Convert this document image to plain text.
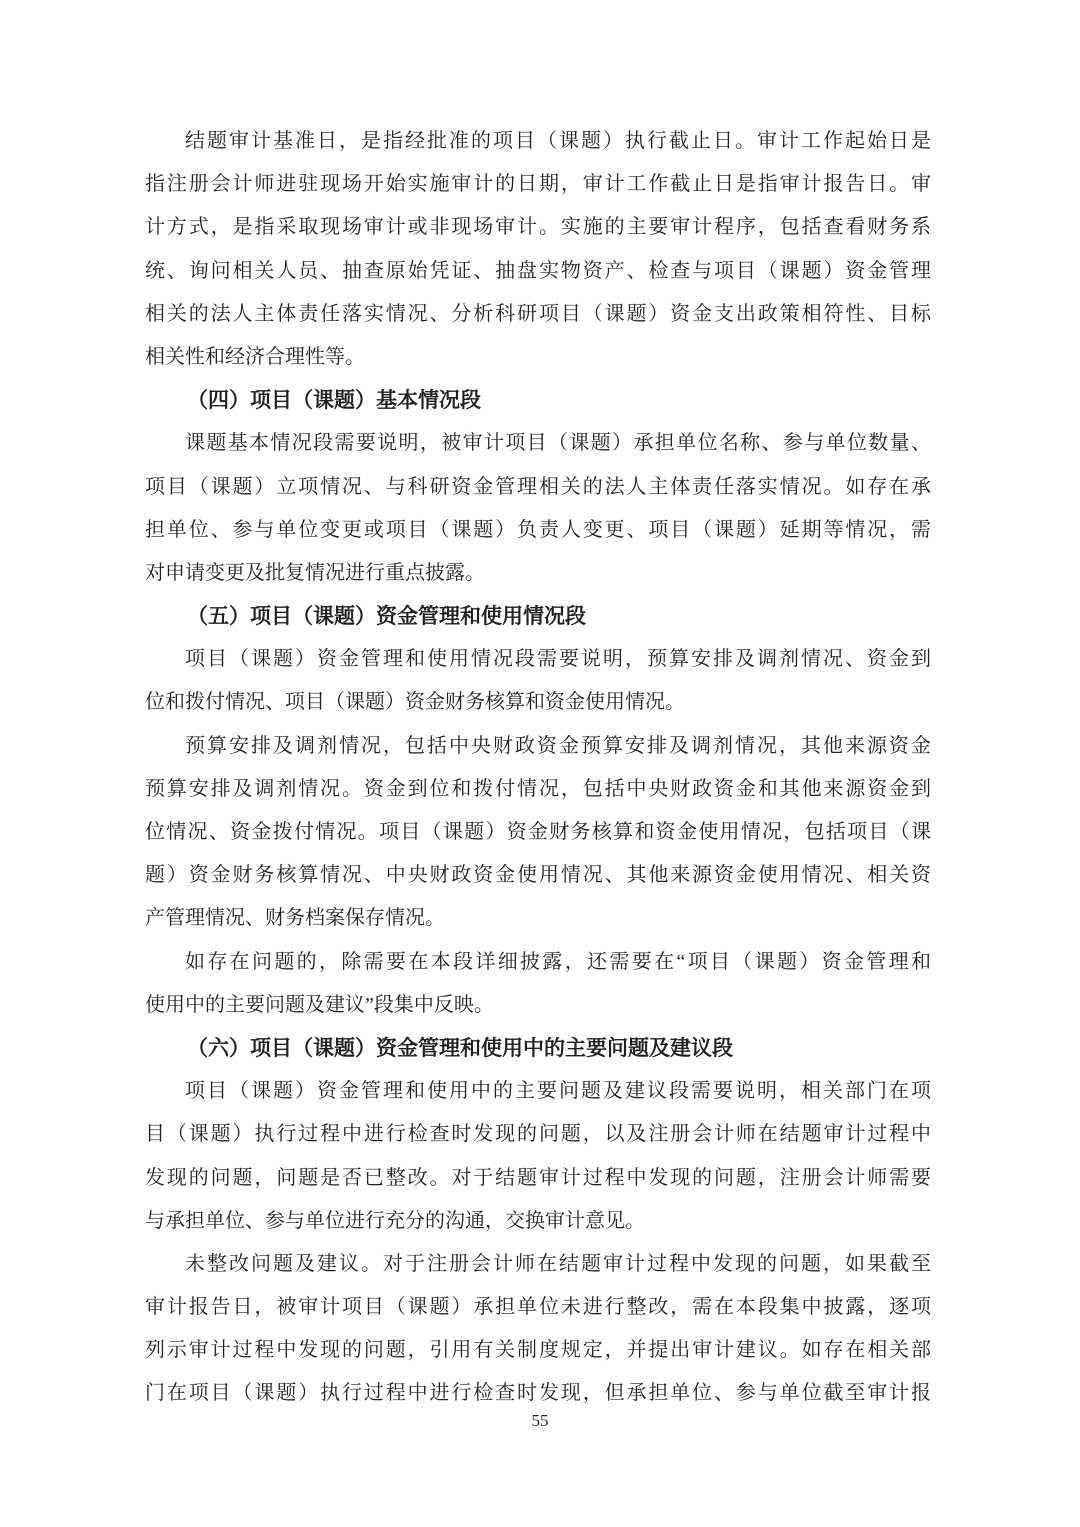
结题审计基准日，是指经批准的项目（课题）执行截止日。审计工作起始日是
指注册会计师进驻现场开始实施审计的日期，审计工作截止日是指审计报告日。审
计方式，是指采取现场审计或非现场审计。实施的主要审计程序，包括查看财务系
统、询问相关人员、抽查原始凭证、抽盘实物资产、检查与项目（课题）资金管理
相关的法人主体责任落实情况、分析科研项目（课题）资金支出政策相符性、目标
相关性和经济合理性等。
（四）项目（课题）基本情况段
课题基本情况段需要说明，被审计项目（课题）承担单位名称、参与单位数量、
项目（课题）立项情况、与科研资金管理相关的法人主体责任落实情况。如存在承
担单位、参与单位变更或项目（课题）负责人变更、项目（课题）延期等情况，需
对申请变更及批复情况进行重点披露。
（五）项目（课题）资金管理和使用情况段
项目（课题）资金管理和使用情况段需要说明，预算安排及调剂情况、资金到
位和拨付情况、项目（课题）资金财务核算和资金使用情况。
预算安排及调剂情况，包括中央财政资金预算安排及调剂情况，其他来源资金
预算安排及调剂情况。资金到位和拨付情况，包括中央财政资金和其他来源资金到
位情况、资金拨付情况。项目（课题）资金财务核算和资金使用情况，包括项目（课
题）资金财务核算情况、中央财政资金使用情况、其他来源资金使用情况、相关资
产管理情况、财务档案保存情况。
如存在问题的，除需要在本段详细披露，还需要在“项目（课题）资金管理和
使用中的主要问题及建议”段集中反映。
（六）项目（课题）资金管理和使用中的主要问题及建议段
项目（课题）资金管理和使用中的主要问题及建议段需要说明，相关部门在项
目（课题）执行过程中进行检查时发现的问题，以及注册会计师在结题审计过程中
发现的问题，问题是否已整改。对于结题审计过程中发现的问题，注册会计师需要
与承担单位、参与单位进行充分的沟通，交换审计意见。
未整改问题及建议。对于注册会计师在结题审计过程中发现的问题，如果截至
审计报告日，被审计项目（课题）承担单位未进行整改，需在本段集中披露，逐项
列示审计过程中发现的问题，引用有关制度规定，并提出审计建议。如存在相关部
门在项目（课题）执行过程中进行检查时发现，但承担单位、参与单位截至审计报
55
